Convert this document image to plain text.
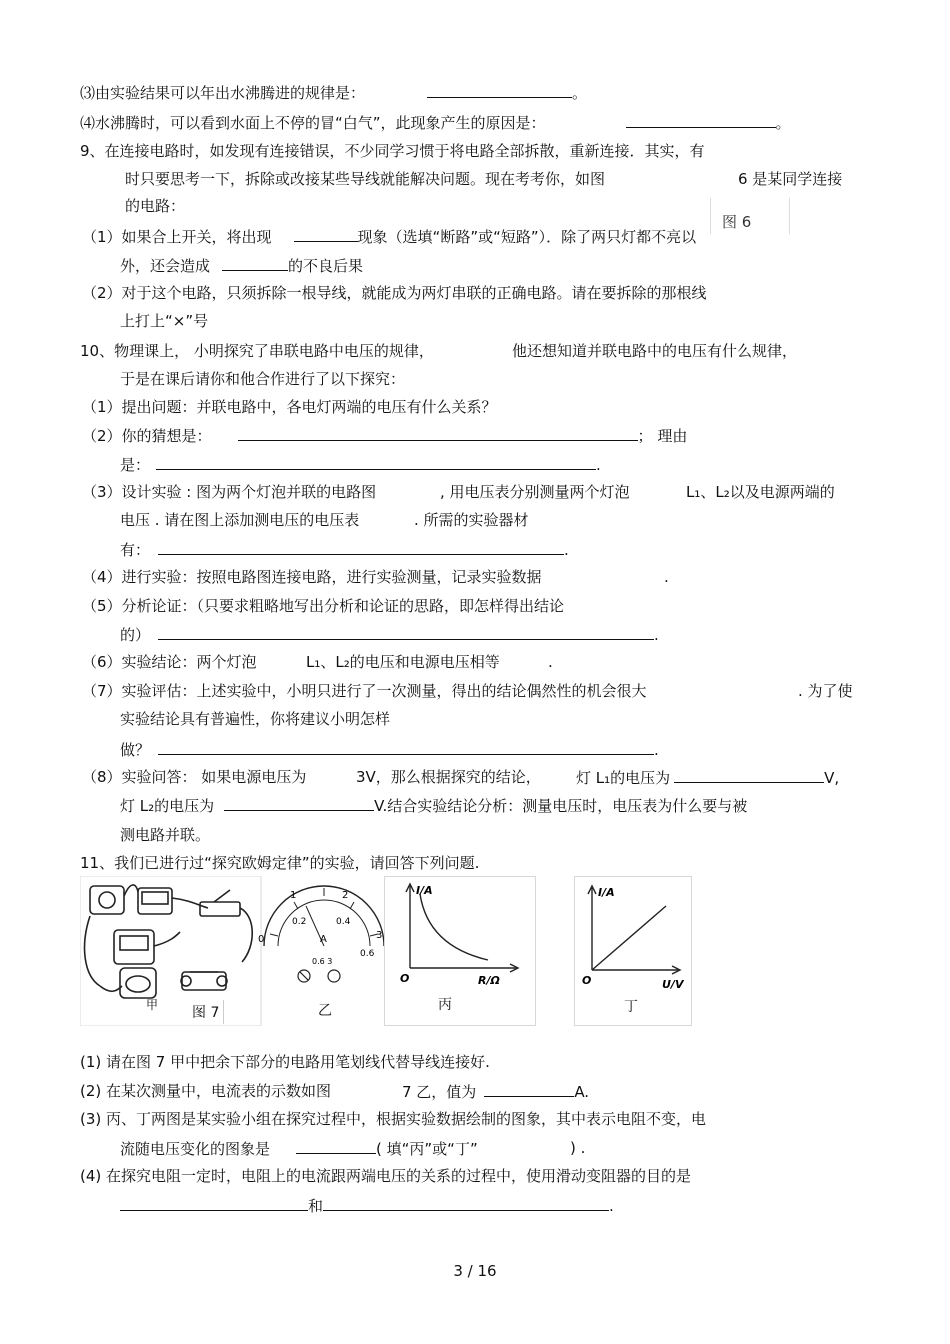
⑶由实验结果可以年出水沸腾进的规律是：	。
⑷水沸腾时，可以看到水面上不停的冒“白气”，此现象产生的原因是：	。
9、在连接电路时，如发现有连接错误，不少同学习惯于将电路全部拆散，重新连接．其实，有
时只要思考一下，拆除或改接某些导线就能解决问题。现在考考你，如图	6 是某同学连接
的电路：
图 6
（1）如果合上开关，将出现	现象（选填“断路”或“短路”）．除了两只灯都不亮以
外，还会造成	的不良后果
（2）对于这个电路，只须拆除一根导线，就能成为两灯串联的正确电路。请在要拆除的那根线
上打上“×”号
10、物理课上， 小明探究了串联电路中电压的规律，	他还想知道并联电路中的电压有什么规律，
于是在课后请你和他合作进行了以下探究：
（1）提出问题：并联电路中，各电灯两端的电压有什么关系？
（2）你的猜想是：	； 理由
是：	.
（3）设计实验 : 图为两个灯泡并联的电路图	, 用电压表分别测量两个灯泡	L₁、L₂以及电源两端的
电压 . 请在图上添加测电压的电压表	. 所需的实验器材
有：	.
（4）进行实验：按照电路图连接电路，进行实验测量，记录实验数据	.
（5）分析论证：（只要求粗略地写出分析和论证的思路，即怎样得出结论
的）	.
（6）实验结论：两个灯泡	L₁、L₂的电压和电源电压相等	.
（7）实验评估：上述实验中，小明只进行了一次测量，得出的结论偶然性的机会很大	. 为了使
实验结论具有普遍性，你将建议小明怎样
做？	.
（8）实验问答： 如果电源电压为	3V，那么根据探究的结论， 灯 L₁的电压为	V,
灯 L₂的电压为	V.结合实验结论分析：测量电压时，电压表为什么要与被
测电路并联。
11、我们已进行过“探究欧姆定律”的实验，请回答下列问题.
甲 图 7
0
1	2
3
0.2	0.4
0.6
A
0.6 3
乙
I/A
O	R/Ω
丙
I/A
O	U/V
丁
(1) 请在图 7 甲中把余下部分的电路用笔划线代替导线连接好.
(2) 在某次测量中，电流表的示数如图	7 乙，值为	A.
(3) 丙、丁两图是某实验小组在探究过程中，根据实验数据绘制的图象，其中表示电阻不变，电
流随电压变化的图象是	( 填“丙”或“丁”	) .
(4) 在探究电阻一定时，电阻上的电流跟两端电压的关系的过程中，使用滑动变阻器的目的是
和	.
3 / 16
